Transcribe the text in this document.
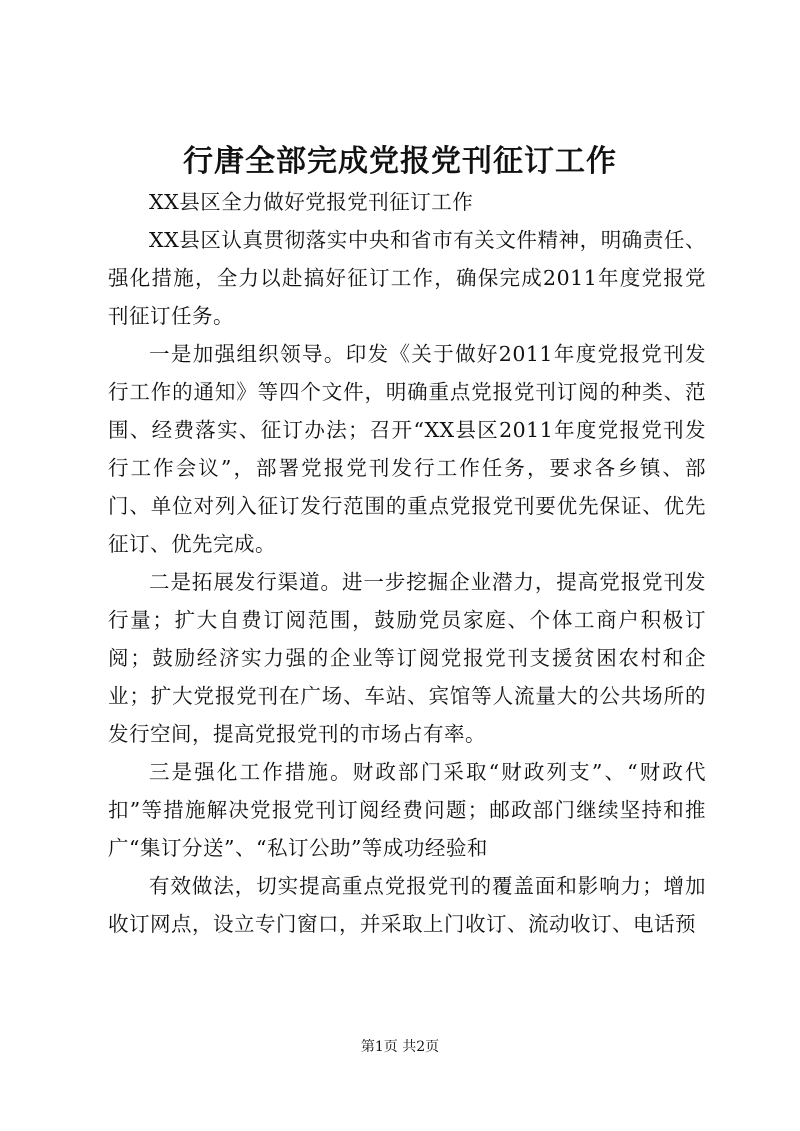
行唐全部完成党报党刊征订工作

XX县区全力做好党报党刊征订工作

XX县区认真贯彻落实中央和省市有关文件精神，明确责任、强化措施，全力以赴搞好征订工作，确保完成2011年度党报党刊征订任务。

一是加强组织领导。印发《关于做好2011年度党报党刊发行工作的通知》等四个文件，明确重点党报党刊订阅的种类、范围、经费落实、征订办法；召开“XX县区2011年度党报党刊发行工作会议”，部署党报党刊发行工作任务，要求各乡镇、部门、单位对列入征订发行范围的重点党报党刊要优先保证、优先征订、优先完成。

二是拓展发行渠道。进一步挖掘企业潜力，提高党报党刊发行量；扩大自费订阅范围，鼓励党员家庭、个体工商户积极订阅；鼓励经济实力强的企业等订阅党报党刊支援贫困农村和企业；扩大党报党刊在广场、车站、宾馆等人流量大的公共场所的发行空间，提高党报党刊的市场占有率。

三是强化工作措施。财政部门采取“财政列支”、“财政代扣”等措施解决党报党刊订阅经费问题；邮政部门继续坚持和推广“集订分送”、“私订公助”等成功经验和

有效做法，切实提高重点党报党刊的覆盖面和影响力；增加收订网点，设立专门窗口，并采取上门收订、流动收订、电话预

第1页 共2页
